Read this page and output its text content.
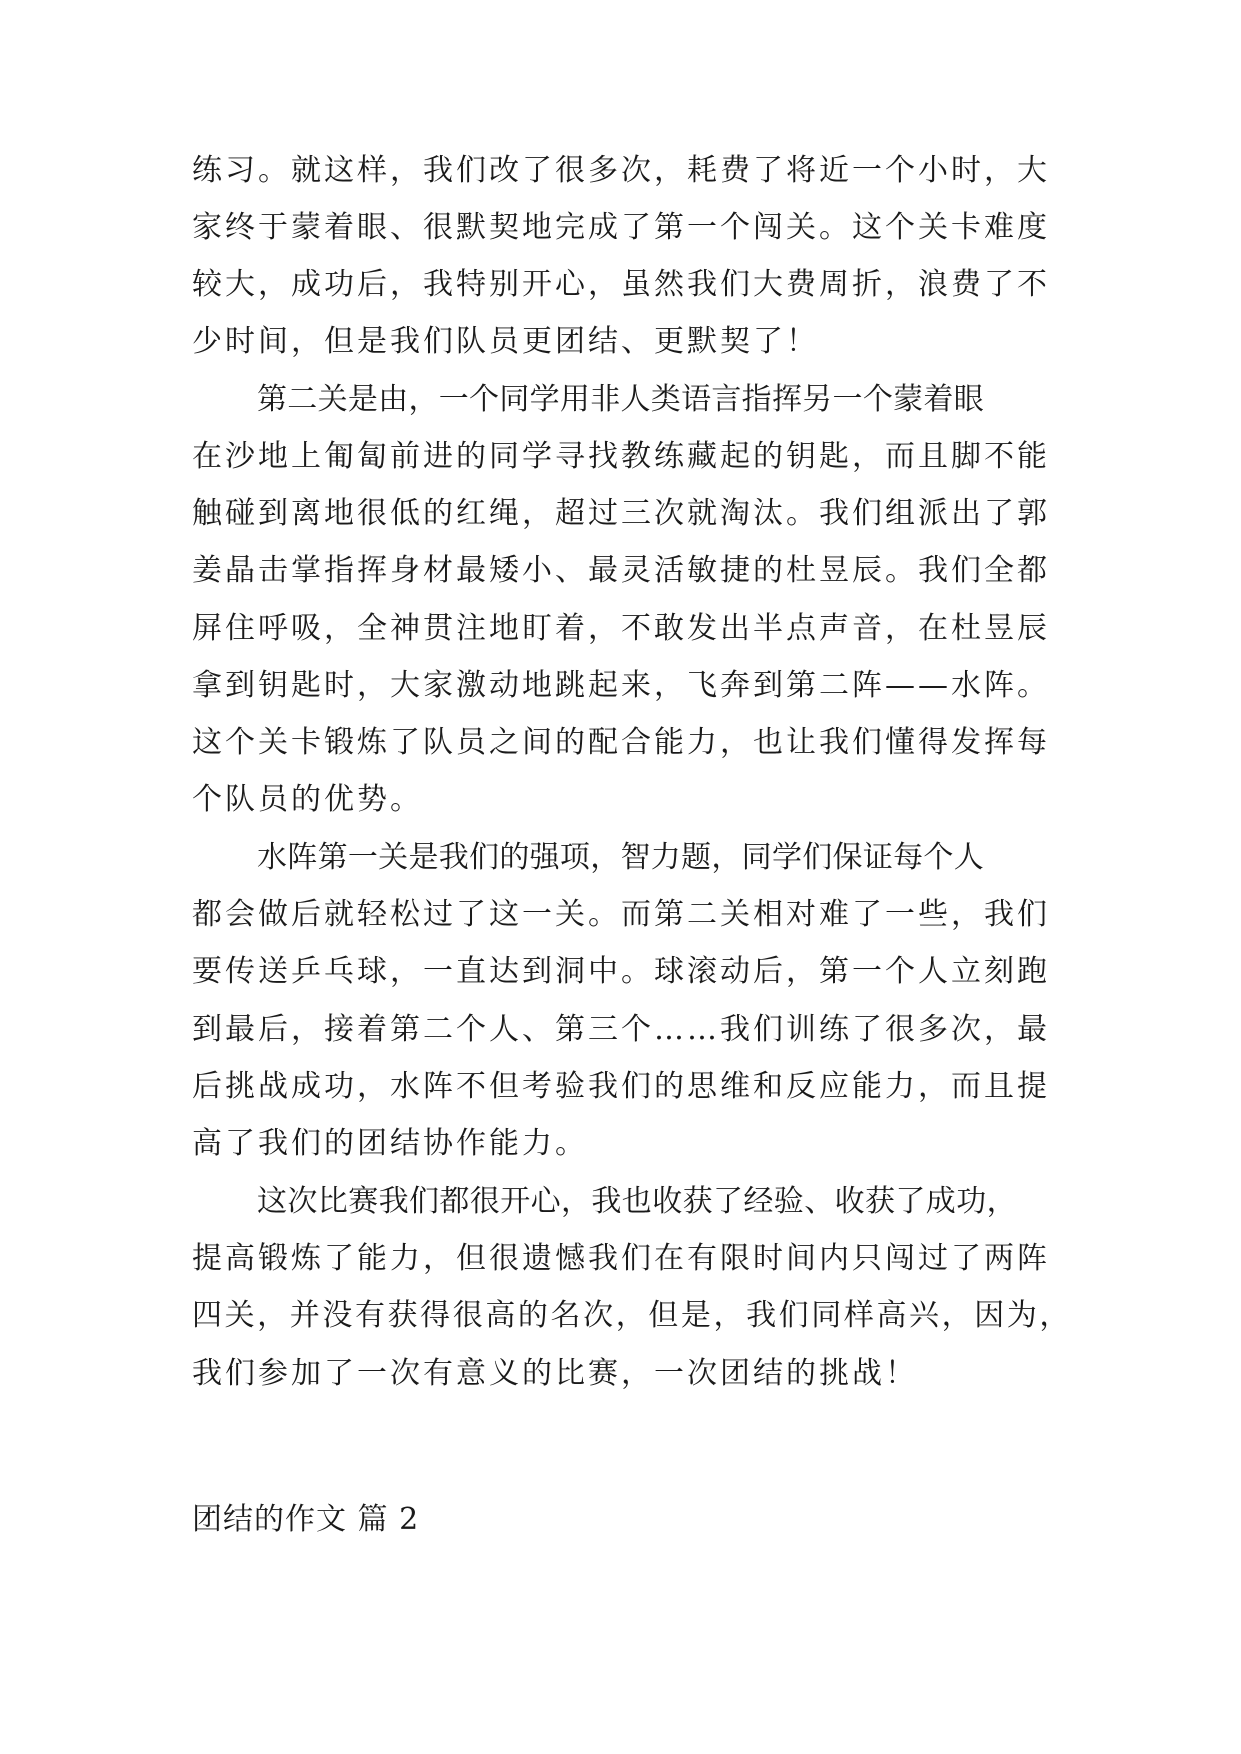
练习。就这样，我们改了很多次，耗费了将近一个小时，大
家终于蒙着眼、很默契地完成了第一个闯关。这个关卡难度
较大，成功后，我特别开心，虽然我们大费周折，浪费了不
少时间，但是我们队员更团结、更默契了！
第二关是由，一个同学用非人类语言指挥另一个蒙着眼
在沙地上匍匐前进的同学寻找教练藏起的钥匙，而且脚不能
触碰到离地很低的红绳，超过三次就淘汰。我们组派出了郭
姜晶击掌指挥身材最矮小、最灵活敏捷的杜昱辰。我们全都
屏住呼吸，全神贯注地盯着，不敢发出半点声音，在杜昱辰
拿到钥匙时，大家激动地跳起来，飞奔到第二阵——水阵。
这个关卡锻炼了队员之间的配合能力，也让我们懂得发挥每
个队员的优势。
水阵第一关是我们的强项，智力题，同学们保证每个人
都会做后就轻松过了这一关。而第二关相对难了一些，我们
要传送乒乓球，一直达到洞中。球滚动后，第一个人立刻跑
到最后，接着第二个人、第三个……我们训练了很多次，最
后挑战成功，水阵不但考验我们的思维和反应能力，而且提
高了我们的团结协作能力。
这次比赛我们都很开心，我也收获了经验、收获了成功，
提高锻炼了能力，但很遗憾我们在有限时间内只闯过了两阵
四关，并没有获得很高的名次，但是，我们同样高兴，因为，
我们参加了一次有意义的比赛，一次团结的挑战！
团结的作文 篇 2
